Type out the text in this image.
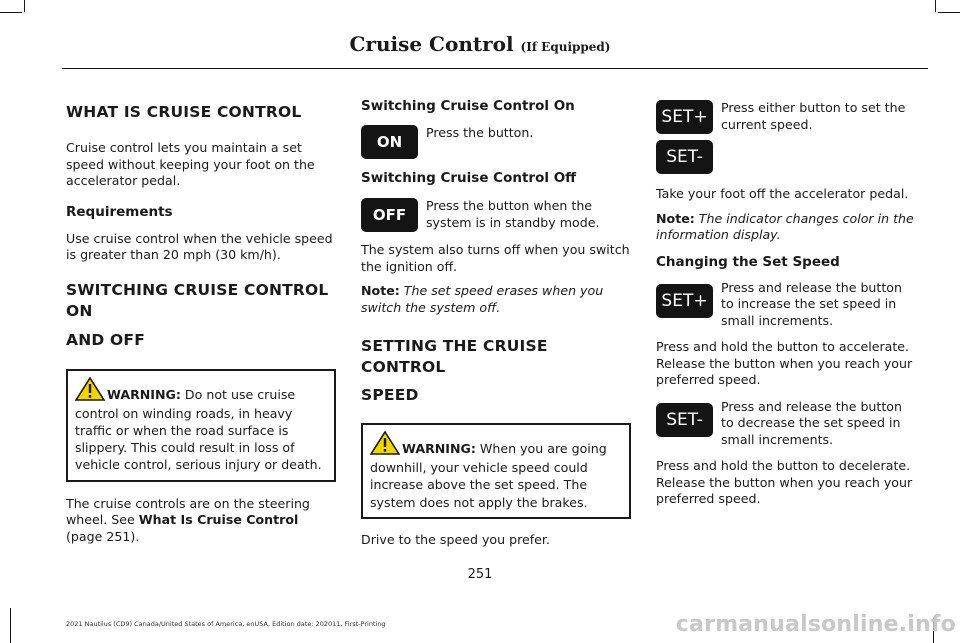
Cruise Control (If Equipped)
WHAT IS CRUISE CONTROL

Cruise control lets you maintain a set speed without keeping your foot on the accelerator pedal.

Requirements

Use cruise control when the vehicle speed is greater than 20 mph (30 km/h).

SWITCHING CRUISE CONTROL ON
AND OFF
WARNING: Do not use cruise control on winding roads, in heavy traffic or when the road surface is slippery. This could result in loss of vehicle control, serious injury or death.

The cruise controls are on the steering wheel. See What Is Cruise Control (page 251).

Switching Cruise Control On
ON

Press the button.

Switching Cruise Control Off
OFF

Press the button when the system is in standby mode.

The system also turns off when you switch the ignition off.

Note: The set speed erases when you switch the system off.

SETTING THE CRUISE CONTROL
SPEED
WARNING: When you are going downhill, your vehicle speed could increase above the set speed. The system does not apply the brakes.

Drive to the speed you prefer.

SET+
SET-

Press either button to set the current speed.

Take your foot off the accelerator pedal.

Note: The indicator changes color in the information display.

Changing the Set Speed
SET+

Press and release the button to increase the set speed in small increments.

Press and hold the button to accelerate. Release the button when you reach your preferred speed.

SET-

Press and release the button to decrease the set speed in small increments.

Press and hold the button to decelerate. Release the button when you reach your preferred speed.

251
2021 Nautilus (CD9) Canada/United States of America, enUSA, Edition date: 202011, First-Printing	carmanualsonline.info
